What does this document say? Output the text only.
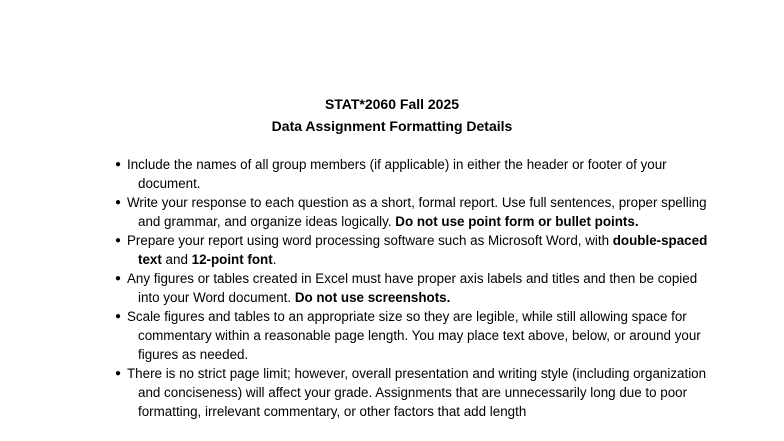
STAT*2060 Fall 2025
Data Assignment Formatting Details
● Include the names of all group members (if applicable) in either the header or footer of your document.
● Write your response to each question as a short, formal report. Use full sentences, proper spelling and grammar, and organize ideas logically. Do not use point form or bullet points.
● Prepare your report using word processing software such as Microsoft Word, with double-spaced text and 12-point font.
● Any figures or tables created in Excel must have proper axis labels and titles and then be copied into your Word document. Do not use screenshots.
● Scale figures and tables to an appropriate size so they are legible, while still allowing space for commentary within a reasonable page length. You may place text above, below, or around your figures as needed.
● There is no strict page limit; however, overall presentation and writing style (including organization and conciseness) will affect your grade. Assignments that are unnecessarily long due to poor formatting, irrelevant commentary, or other factors that add length
